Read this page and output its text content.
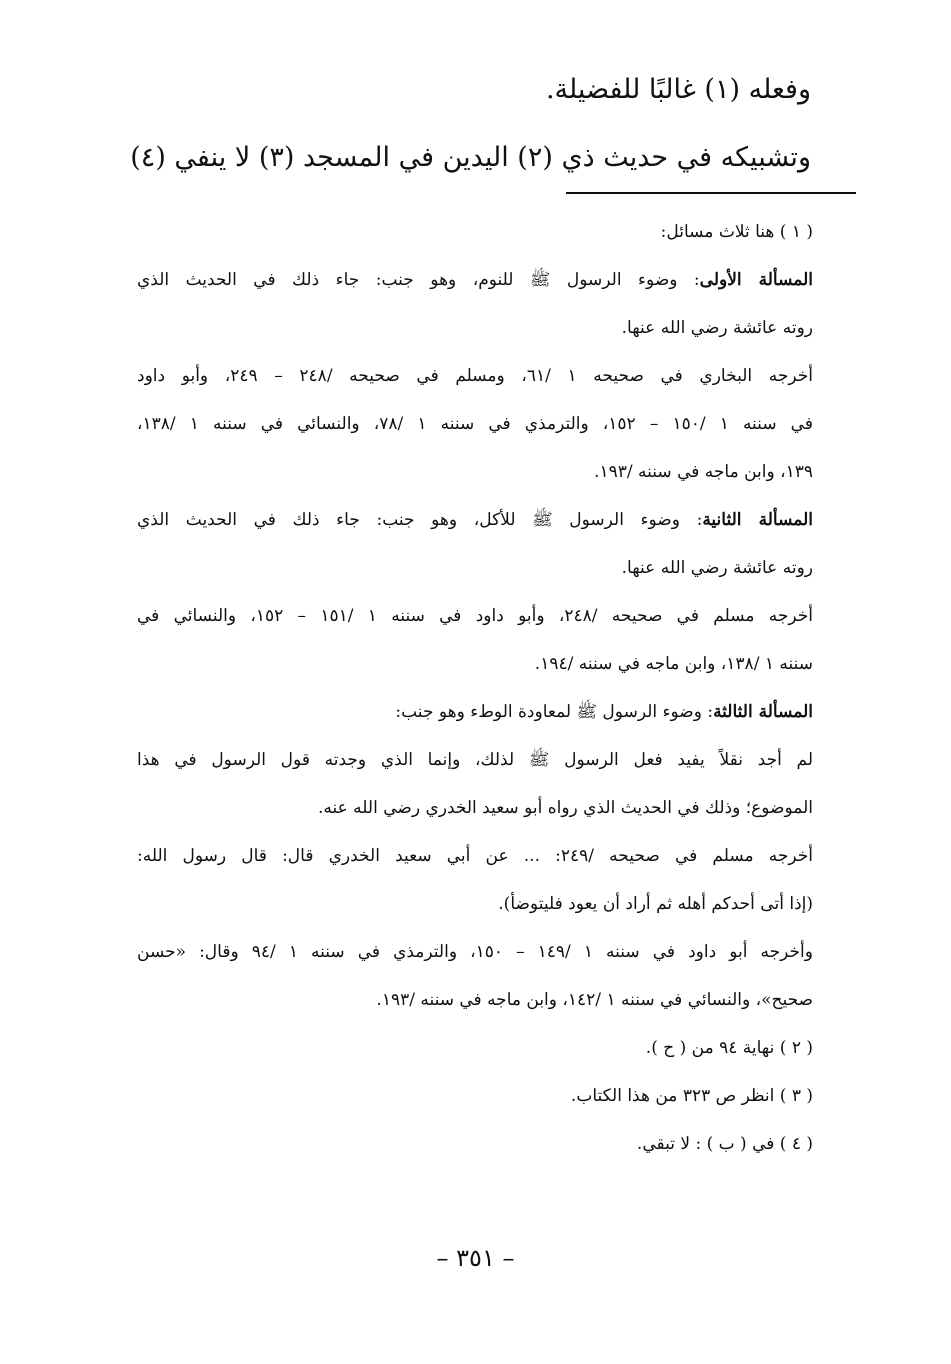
وفعله (١) غالبًا للفضيلة.
وتشبيكه في حديث ذي (٢) اليدين في المسجد (٣) لا ينفي (٤)
( ١ ) هنا ثلاث مسائل:
المسألة الأولى: وضوء الرسول ﷺ للنوم، وهو جنب: جاء ذلك في الحديث الذي
روته عائشة رضي الله عنها.
أخرجه البخاري في صحيحه ١ /٦١، ومسلم في صحيحه /٢٤٨ – ٢٤٩، وأبو داود
في سننه ١ /١٥٠ – ١٥٢، والترمذي في سننه ١ /٧٨، والنسائي في سننه ١ /١٣٨،
١٣٩، وابن ماجه في سننه /١٩٣.
المسألة الثانية: وضوء الرسول ﷺ للأكل، وهو جنب: جاء ذلك في الحديث الذي
روته عائشة رضي الله عنها.
أخرجه مسلم في صحيحه /٢٤٨، وأبو داود في سننه ١ /١٥١ – ١٥٢، والنسائي في
سننه ١ /١٣٨، وابن ماجه في سننه /١٩٤.
المسألة الثالثة: وضوء الرسول ﷺ لمعاودة الوطء وهو جنب:
لم أجد نقلاً يفيد فعل الرسول ﷺ لذلك، وإنما الذي وجدته قول الرسول في هذا
الموضوع؛ وذلك في الحديث الذي رواه أبو سعيد الخدري رضي الله عنه.
أخرجه مسلم في صحيحه /٢٤٩: ... عن أبي سعيد الخدري قال: قال رسول الله:
(إذا أتى أحدكم أهله ثم أراد أن يعود فليتوضأ).
وأخرجه أبو داود في سننه ١ /١٤٩ – ١٥٠، والترمذي في سننه ١ /٩٤ وقال: «حسن
صحيح»، والنسائي في سننه ١ /١٤٢، وابن ماجه في سننه /١٩٣.
( ٢ ) نهاية ٩٤ من ( ح ).
( ٣ ) انظر ص ٣٢٣ من هذا الكتاب.
( ٤ ) في ( ب ) : لا تبقي.
– ٣٥١ –
